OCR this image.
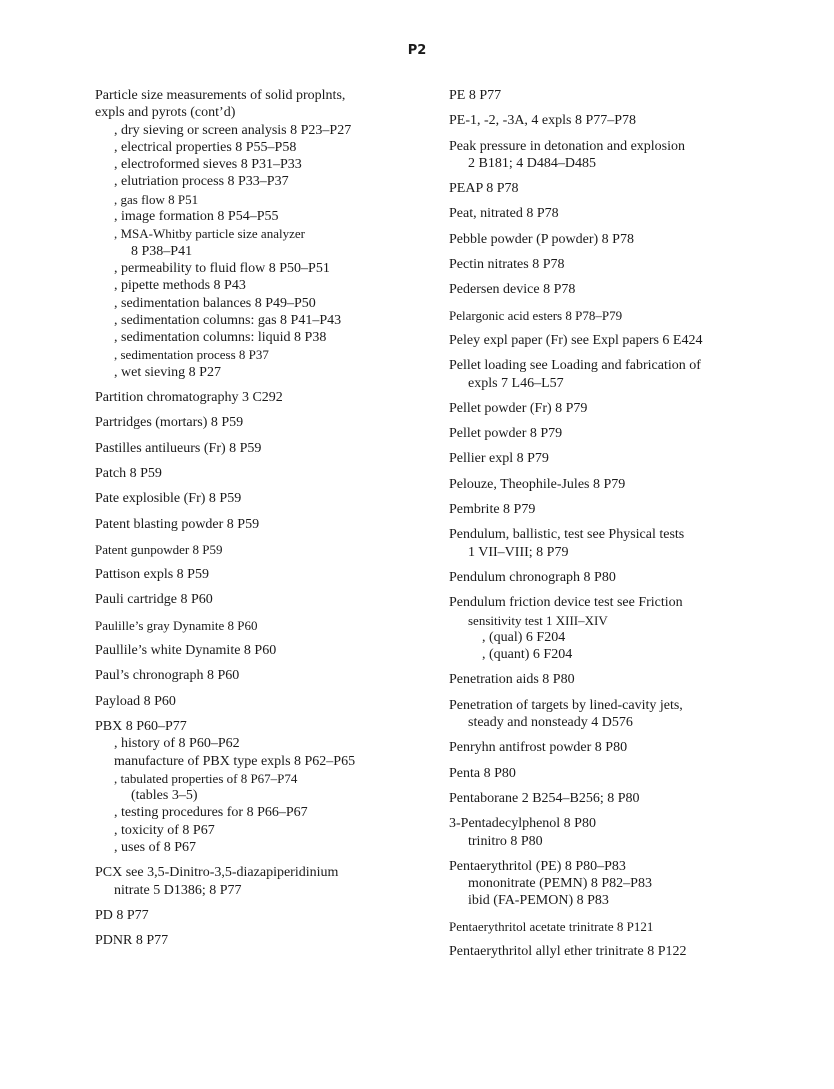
P2
Particle size measurements of solid proplnts,
expls and pyrots (cont’d)
, dry sieving or screen analysis 8 P23–P27
, electrical properties 8 P55–P58
, electroformed sieves 8 P31–P33
, elutriation process 8 P33–P37
, gas flow 8 P51
, image formation 8 P54–P55
, MSA-Whitby particle size analyzer
8 P38–P41
, permeability to fluid flow 8 P50–P51
, pipette methods 8 P43
, sedimentation balances 8 P49–P50
, sedimentation columns: gas 8 P41–P43
, sedimentation columns: liquid 8 P38
, sedimentation process 8 P37
, wet sieving 8 P27
Partition chromatography 3 C292
Partridges (mortars) 8 P59
Pastilles antilueurs (Fr) 8 P59
Patch 8 P59
Pate explosible (Fr) 8 P59
Patent blasting powder 8 P59
Patent gunpowder 8 P59
Pattison expls 8 P59
Pauli cartridge 8 P60
Paulille’s gray Dynamite 8 P60
Paullile’s white Dynamite 8 P60
Paul’s chronograph 8 P60
Payload 8 P60
PBX 8 P60–P77
, history of 8 P60–P62
manufacture of PBX type expls 8 P62–P65
, tabulated properties of 8 P67–P74
(tables 3–5)
, testing procedures for 8 P66–P67
, toxicity of 8 P67
, uses of 8 P67
PCX see 3,5-Dinitro-3,5-diazapiperidinium
nitrate 5 D1386; 8 P77
PD 8 P77
PDNR 8 P77
PE 8 P77
PE-1, -2, -3A, 4 expls 8 P77–P78
Peak pressure in detonation and explosion
2 B181; 4 D484–D485
PEAP 8 P78
Peat, nitrated 8 P78
Pebble powder (P powder) 8 P78
Pectin nitrates 8 P78
Pedersen device 8 P78
Pelargonic acid esters 8 P78–P79
Peley expl paper (Fr) see Expl papers 6 E424
Pellet loading see Loading and fabrication of
expls 7 L46–L57
Pellet powder (Fr) 8 P79
Pellet powder 8 P79
Pellier expl 8 P79
Pelouze, Theophile-Jules 8 P79
Pembrite 8 P79
Pendulum, ballistic, test see Physical tests
1 VII–VIII; 8 P79
Pendulum chronograph 8 P80
Pendulum friction device test see Friction
sensitivity test 1 XIII–XIV
, (qual) 6 F204
, (quant) 6 F204
Penetration aids 8 P80
Penetration of targets by lined-cavity jets,
steady and nonsteady 4 D576
Penryhn antifrost powder 8 P80
Penta 8 P80
Pentaborane 2 B254–B256; 8 P80
3-Pentadecylphenol 8 P80
trinitro 8 P80
Pentaerythritol (PE) 8 P80–P83
mononitrate (PEMN) 8 P82–P83
ibid (FA-PEMON) 8 P83
Pentaerythritol acetate trinitrate 8 P121
Pentaerythritol allyl ether trinitrate 8 P122
